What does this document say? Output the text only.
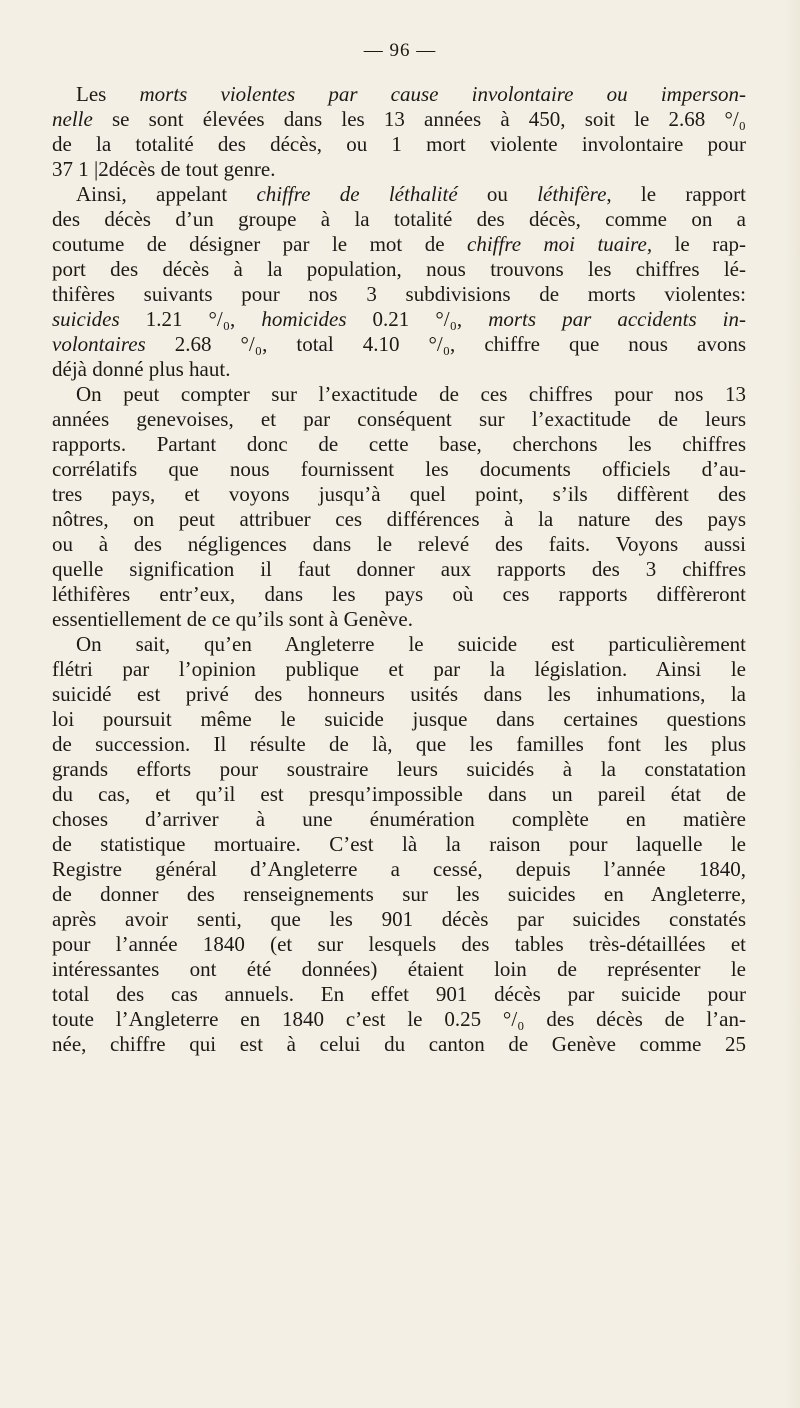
— 96 —
Les morts violentes par cause involontaire ou imperson-
nelle se sont élevées dans les 13 années à 450, soit le 2.68 °/₀
de la totalité des décès, ou 1 mort violente involontaire pour
37 1 |2décès de tout genre.
Ainsi, appelant chiffre de léthalité ou léthifère, le rapport
des décès d’un groupe à la totalité des décès, comme on a
coutume de désigner par le mot de chiffre moi tuaire, le rap-
port des décès à la population, nous trouvons les chiffres lé-
thifères suivants pour nos 3 subdivisions de morts violentes:
suicides 1.21 °/₀, homicides 0.21 °/₀, morts par accidents in-
volontaires 2.68 °/₀, total 4.10 °/₀, chiffre que nous avons
déjà donné plus haut.
On peut compter sur l’exactitude de ces chiffres pour nos 13
années genevoises, et par conséquent sur l’exactitude de leurs
rapports. Partant donc de cette base, cherchons les chiffres
corrélatifs que nous fournissent les documents officiels d’au-
tres pays, et voyons jusqu’à quel point, s’ils diffèrent des
nôtres, on peut attribuer ces différences à la nature des pays
ou à des négligences dans le relevé des faits. Voyons aussi
quelle signification il faut donner aux rapports des 3 chiffres
léthifères entr’eux, dans les pays où ces rapports diffèreront
essentiellement de ce qu’ils sont à Genève.
On sait, qu’en Angleterre le suicide est particulièrement
flétri par l’opinion publique et par la législation. Ainsi le
suicidé est privé des honneurs usités dans les inhumations, la
loi poursuit même le suicide jusque dans certaines questions
de succession. Il résulte de là, que les familles font les plus
grands efforts pour soustraire leurs suicidés à la constatation
du cas, et qu’il est presqu’impossible dans un pareil état de
choses d’arriver à une énumération complète en matière
de statistique mortuaire. C’est là la raison pour laquelle le
Registre général d’Angleterre a cessé, depuis l’année 1840,
de donner des renseignements sur les suicides en Angleterre,
après avoir senti, que les 901 décès par suicides constatés
pour l’année 1840 (et sur lesquels des tables très-détaillées et
intéressantes ont été données) étaient loin de représenter le
total des cas annuels. En effet 901 décès par suicide pour
toute l’Angleterre en 1840 c’est le 0.25 °/₀ des décès de l’an-
née, chiffre qui est à celui du canton de Genève comme 25
